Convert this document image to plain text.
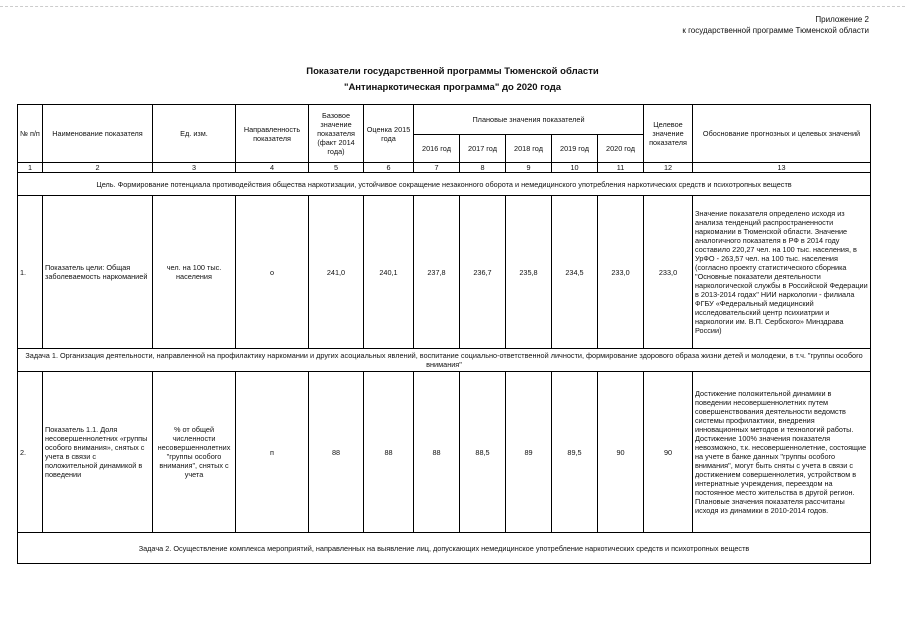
Приложение 2
к государственной программе Тюменской области
Показатели государственной программы Тюменской области
"Антинаркотическая программа" до 2020 года
№ п/п	Наименование показателя	Ед. изм.	Направленность показателя	Базовое значение показателя (факт 2014 года)	Оценка 2015 года	Плановые значения показателей					Целевое значение показателя	Обоснование прогнозных и целевых значений
						2016 год	2017 год	2018 год	2019 год	2020 год		
1	2	3	4	5	6	7	8	9	10	11	12	13
Цель. Формирование потенциала противодействия общества наркотизации, устойчивое сокращение незаконного оборота и немедицинского употребления наркотических средств и психотропных веществ												
1.	Показатель цели: Общая заболеваемость наркоманией	чел. на 100 тыс. населения	о	241,0	240,1	237,8	236,7	235,8	234,5	233,0	233,0	Значение показателя определено исходя из анализа тенденций распространенности наркомании в Тюменской области. Значение аналогичного показателя в РФ в 2014 году составило 220,27 чел. на 100 тыс. населения, в УрФО - 263,57 чел. на 100 тыс. населения (согласно проекту статистического сборника "Основные показатели деятельности наркологической службы в Российской Федерации в 2013-2014 годах" НИИ наркологии - филиала ФГБУ «Федеральный медицинский исследовательский центр психиатрии и наркологии им. В.П. Сербского» Минздрава России)
Задача 1. Организация деятельности, направленной на профилактику наркомании и других асоциальных явлений, воспитание социально-ответственной личности, формирование здорового образа жизни детей и молодежи, в т.ч. "группы особого внимания"												
2.	Показатель 1.1. Доля несовершеннолетних «группы особого внимания», снятых с учета в связи с положительной динамикой в поведении	% от общей численности несовершеннолетних "группы особого внимания", снятых с учета	п	88	88	88	88,5	89	89,5	90	90	Достижение положительной динамики в поведении несовершеннолетних путем совершенствования деятельности ведомств системы профилактики, внедрения инновационных методов и технологий работы. Достижение 100% значения показателя невозможно, т.к. несовершеннолетние, состоящие на учете в банке данных "группы особого внимания", могут быть сняты с учета в связи с достижением совершеннолетия, устройством в интернатные учреждения, переездом на постоянное место жительства в другой регион. Плановые значения показателя рассчитаны исходя из динамики в 2010-2014 годов.
Задача 2. Осуществление комплекса мероприятий, направленных на выявление лиц, допускающих немедицинское употребление наркотических средств и психотропных веществ												
